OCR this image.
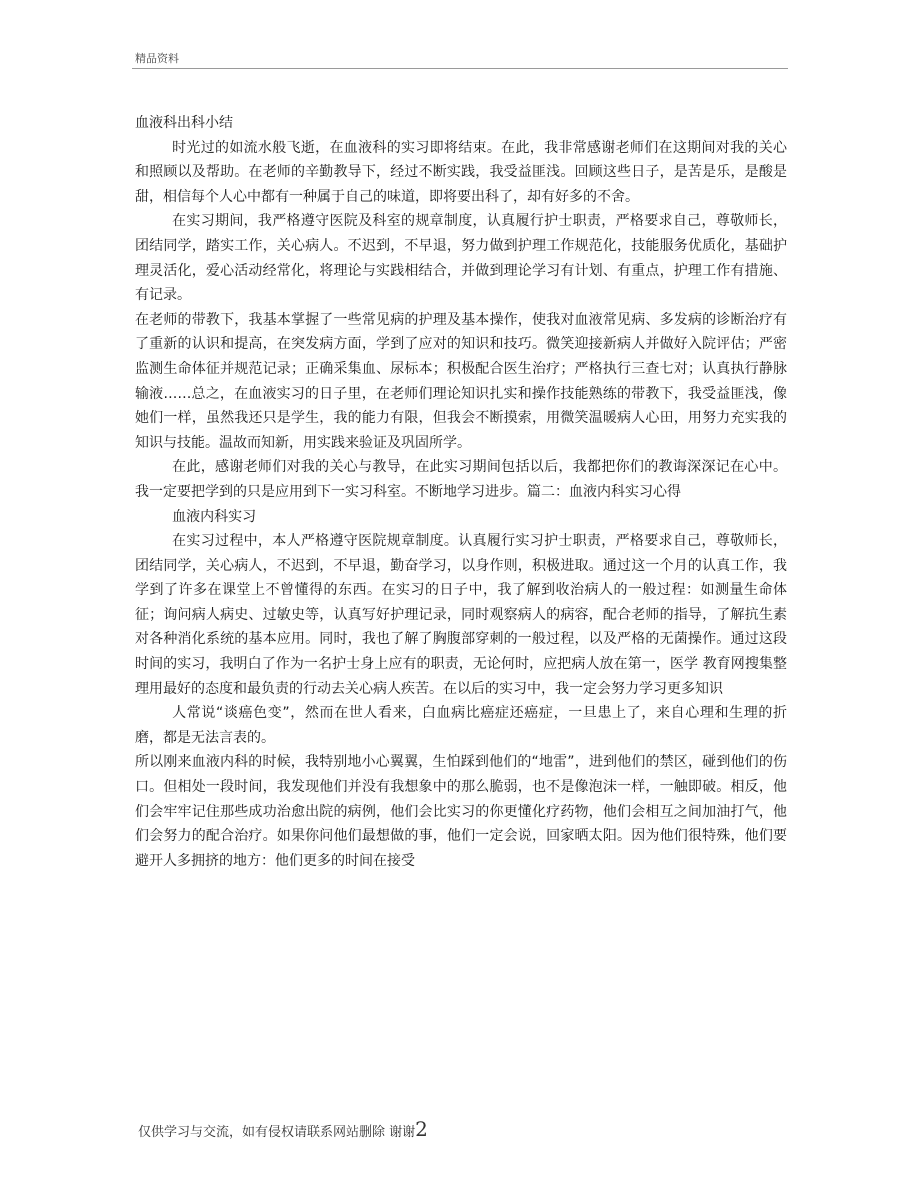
精品资料

血液科出科小结

时光过的如流水般飞逝，在血液科的实习即将结束。在此，我非常感谢老师们在这期间对我的关心和照顾以及帮助。在老师的辛勤教导下，经过不断实践，我受益匪浅。回顾这些日子，是苦是乐，是酸是甜，相信每个人心中都有一种属于自己的味道，即将要出科了，却有好多的不舍。

在实习期间，我严格遵守医院及科室的规章制度，认真履行护士职责，严格要求自己，尊敬师长，团结同学，踏实工作，关心病人。不迟到，不早退，努力做到护理工作规范化，技能服务优质化，基础护理灵活化，爱心活动经常化，将理论与实践相结合，并做到理论学习有计划、有重点，护理工作有措施、有记录。

在老师的带教下，我基本掌握了一些常见病的护理及基本操作，使我对血液常见病、多发病的诊断治疗有了重新的认识和提高，在突发病方面，学到了应对的知识和技巧。微笑迎接新病人并做好入院评估；严密监测生命体征并规范记录；正确采集血、尿标本；积极配合医生治疗；严格执行三查七对；认真执行静脉输液……总之，在血液实习的日子里，在老师们理论知识扎实和操作技能熟练的带教下，我受益匪浅，像她们一样，虽然我还只是学生，我的能力有限，但我会不断摸索，用微笑温暖病人心田，用努力充实我的知识与技能。温故而知新，用实践来验证及巩固所学。

在此，感谢老师们对我的关心与教导，在此实习期间包括以后，我都把你们的教诲深深记在心中。我一定要把学到的只是应用到下一实习科室。不断地学习进步。篇二：血液内科实习心得

血液内科实习

在实习过程中，本人严格遵守医院规章制度。认真履行实习护士职责，严格要求自己，尊敬师长，团结同学，关心病人，不迟到，不早退，勤奋学习，以身作则，积极进取。通过这一个月的认真工作，我学到了许多在课堂上不曾懂得的东西。在实习的日子中，我了解到收治病人的一般过程：如测量生命体征；询问病人病史、过敏史等，认真写好护理记录，同时观察病人的病容，配合老师的指导，了解抗生素对各种消化系统的基本应用。同时，我也了解了胸腹部穿刺的一般过程，以及严格的无菌操作。通过这段时间的实习，我明白了作为一名护士身上应有的职责，无论何时，应把病人放在第一，医学 教育网搜集整理用最好的态度和最负责的行动去关心病人疾苦。在以后的实习中，我一定会努力学习更多知识

人常说“谈癌色变”，然而在世人看来，白血病比癌症还癌症，一旦患上了，来自心理和生理的折磨，都是无法言表的。

所以刚来血液内科的时候，我特别地小心翼翼，生怕踩到他们的“地雷”，进到他们的禁区，碰到他们的伤口。但相处一段时间，我发现他们并没有我想象中的那么脆弱，也不是像泡沫一样，一触即破。相反，他们会牢牢记住那些成功治愈出院的病例，他们会比实习的你更懂化疗药物，他们会相互之间加油打气，他们会努力的配合治疗。如果你问他们最想做的事，他们一定会说，回家晒太阳。因为他们很特殊，他们要避开人多拥挤的地方：他们更多的时间在接受

仅供学习与交流，如有侵权请联系网站删除 谢谢2
